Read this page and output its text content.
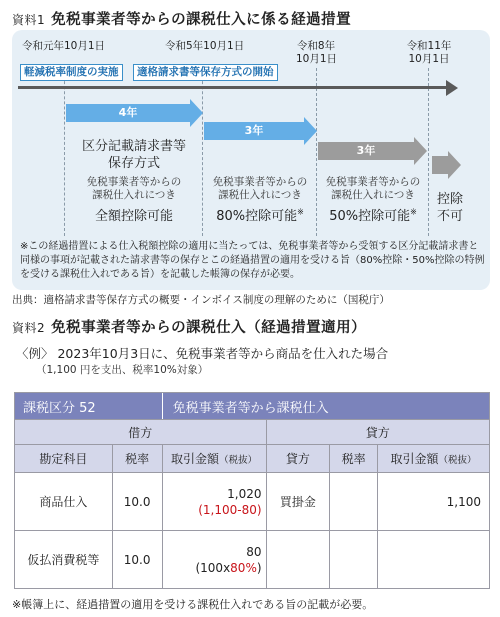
資料1 免税事業者等からの課税仕入に係る経過措置
令和元年10月1日	令和5年10月1日	令和8年
10月1日
令和11年
10月1日
軽減税率制度の実施	適格請求書等保存方式の開始
4年
3年
3年
区分記載請求書等
保存方式
免税事業者等からの
課税仕入れにつき
全額控除可能
免税事業者等からの
課税仕入れにつき
80%控除可能※
免税事業者等からの
課税仕入れにつき
50%控除可能※
控除
不可
※この経過措置による仕入税額控除の適用に当たっては、免税事業者等から受領する区分記載請求書と同様の事項が記載された請求書等の保存とこの経過措置の適用を受ける旨（80%控除・50%控除の特例を受ける課税仕入れである旨）を記載した帳簿の保存が必要。
出典：適格請求書等保存方式の概要・インボイス制度の理解のために（国税庁）
資料2 免税事業者等からの課税仕入（経過措置適用）
〈例〉 2023年10月3日に、免税事業者等から商品を仕入れた場合
（1,100 円を支出、税率10%対象）
課税区分 52		免税事業者等から課税仕入			
借方			貸方		
勘定科目	税率	取引金額（税抜）	貸方	税率	取引金額（税抜）
商品仕入	10.0	1,020
(1,100-80)	買掛金		1,100
仮払消費税等	10.0	80
(100x80%)			
※帳簿上に、経過措置の適用を受ける課税仕入れである旨の記載が必要。
